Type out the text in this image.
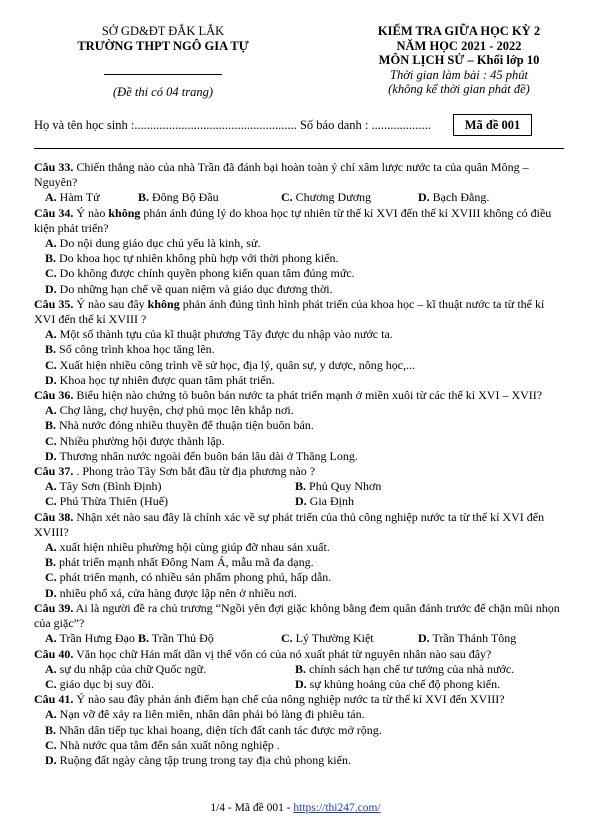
SỞ GD&ĐT ĐẮK LẮK
TRƯỜNG THPT NGÔ GIA TỰ
(Đề thi có 04 trang)
KIỂM TRA GIỮA HỌC KỲ 2
NĂM HỌC 2021 - 2022
MÔN LỊCH SỬ – Khối lớp 10
Thời gian làm bài : 45 phút
(không kể thời gian phát đề)
Họ và tên học sinh :.................................................... Số báo danh : ...................	Mã đề 001
Câu 33. Chiến thắng nào của nhà Trần đã đánh bại hoàn toàn ý chí xâm lược nước ta của quân Mông – Nguyên?
A. Hàm Tử	B. Đông Bộ Đầu	C. Chương Dương	D. Bạch Đằng.
Câu 34. Ý nào không phản ánh đúng lý do khoa học tự nhiên từ thế kỉ XVI đến thế kỉ XVIII không có điều kiện phát triển?
A. Do nội dung giáo dục chủ yếu là kinh, sử.
B. Do khoa học tự nhiên không phù hợp với thời phong kiến.
C. Do không được chính quyền phong kiến quan tâm đúng mức.
D. Do những hạn chế về quan niệm và giáo dục đương thời.
Câu 35. Ý nào sau đây không phản ánh đúng tình hình phát triển của khoa học – kĩ thuật nước ta từ thế kỉ XVI đến thế kỉ XVIII ?
A. Một số thành tựu của kĩ thuật phương Tây được du nhập vào nước ta.
B. Số công trình khoa học tăng lên.
C. Xuất hiện nhiều công trình về sử học, địa lý, quân sự, y dược, nông học,...
D. Khoa học tự nhiên được quan tâm phát triển.
Câu 36. Biểu hiện nào chứng tỏ buôn bán nước ta phát triển mạnh ở miền xuôi từ các thế kỉ XVI – XVII?
A. Chợ làng, chợ huyện, chợ phủ mọc lên khắp nơi.
B. Nhà nước đóng nhiều thuyền để thuận tiện buôn bán.
C. Nhiều phường hội được thành lập.
D. Thương nhân nước ngoài đến buôn bán lâu dài ở Thăng Long.
Câu 37. . Phong trào Tây Sơn bắt đầu từ địa phương nào ?
A. Tây Sơn (Bình Định)	B. Phủ Quy Nhơn
C. Phú Thừa Thiên (Huế)	D. Gia Định
Câu 38. Nhận xét nào sau đây là chính xác về sự phát triển của thủ công nghiệp nước ta từ thế kỉ XVI đến XVIII?
A. xuất hiện nhiều phường hội cùng giúp đỡ nhau sản xuất.
B. phát triển mạnh nhất Đông Nam Á, mẫu mã đa dạng.
C. phát triển mạnh, có nhiều sản phẩm phong phú, hấp dẫn.
D. nhiều phố xá, cửa hàng được lập nên ở nhiều nơi.
Câu 39. Ai là người đề ra chủ trương “Ngồi yên đợi giặc không bằng đem quân đánh trước để chặn mũi nhọn của giặc”?
A. Trần Hưng Đạo B. Trần Thủ Độ	C. Lý Thường Kiệt	D. Trần Thánh Tông
Câu 40. Văn học chữ Hán mất dần vị thế vốn có của nó xuất phát từ nguyên nhân nào sau đây?
A. sự du nhập của chữ Quốc ngữ.	B. chính sách hạn chế tư tưởng của nhà nước.
C. giáo dục bị suy đồi.	D. sự khủng hoảng của chế độ phong kiến.
Câu 41. Ý nào sau đây phản ánh điểm hạn chế của nông nghiệp nước ta từ thế kỉ XVI đến XVIII?
A. Nạn vỡ đê xảy ra liên miên, nhân dân phải bỏ làng đi phiêu tán.
B. Nhân dân tiếp tục khai hoang, diện tích đất canh tác được mở rộng.
C. Nhà nước qua tâm đến sản xuất nông nghiệp .
D. Ruộng đất ngày càng tập trung trong tay địa chủ phong kiến.
1/4 - Mã đề 001 - https://thi247.com/
